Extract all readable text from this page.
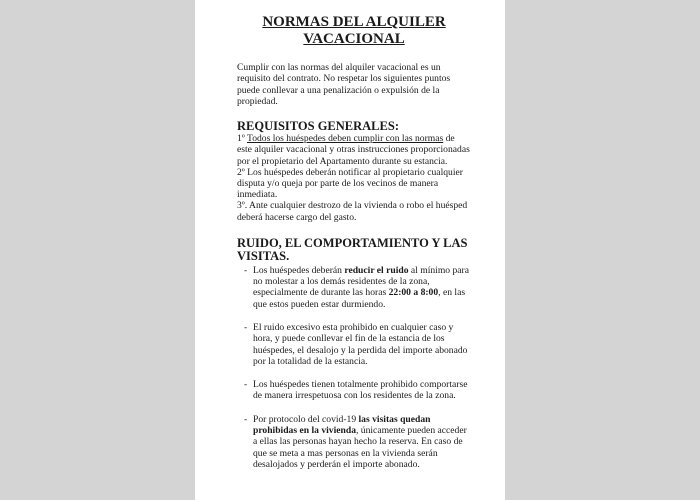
NORMAS DEL ALQUILER VACACIONAL

Cumplir con las normas del alquiler vacacional es un requisito del contrato. No respetar los siguientes puntos puede conllevar a una penalización o expulsión de la propiedad.

REQUISITOS GENERALES:

1º Todos los huéspedes deben cumplir con las normas de este alquiler vacacional y otras instrucciones proporcionadas por el propietario del Apartamento durante su estancia.

2º Los huéspedes deberán notificar al propietario cualquier disputa y/o queja por parte de los vecinos de manera inmediata.

3º. Ante cualquier destrozo de la vivienda o robo el huésped deberá hacerse cargo del gasto.

RUIDO, EL COMPORTAMIENTO Y LAS VISITAS.
- Los huéspedes deberán reducir el ruido al mínimo para no molestar a los demás residentes de la zona, especialmente de durante las horas 22:00 a 8:00, en las que estos pueden estar durmiendo.
- El ruido excesivo esta prohibido en cualquier caso y hora, y puede conllevar el fin de la estancia de los huéspedes, el desalojo y la perdida del importe abonado por la totalidad de la estancia.
- Los huéspedes tienen totalmente prohibido comportarse de manera irrespetuosa con los residentes de la zona.
- Por protocolo del covid-19 las visitas quedan prohibidas en la vivienda, únicamente pueden acceder a ellas las personas hayan hecho la reserva. En caso de que se meta a mas personas en la vivienda serán desalojados y perderán el importe abonado.
